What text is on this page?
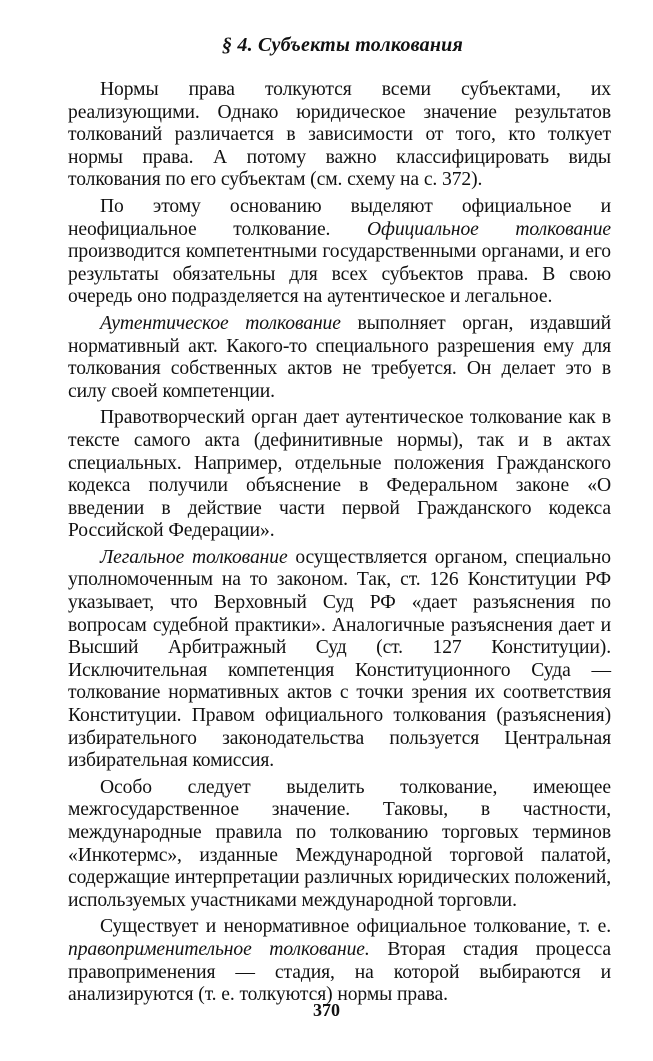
§ 4. Субъекты толкования

Нормы права толкуются всеми субъектами, их реализующими. Однако юридическое значение результатов толкований различается в зависимости от того, кто толкует нормы права. А потому важно классифицировать виды толкования по его субъектам (см. схему на с. 372).

По этому основанию выделяют официальное и неофициальное толкование. Официальное толкование производится компетентными государственными органами, и его результаты обязательны для всех субъектов права. В свою очередь оно подразделяется на аутентическое и легальное.

Аутентическое толкование выполняет орган, издавший нормативный акт. Какого-то специального разрешения ему для толкования собственных актов не требуется. Он делает это в силу своей компетенции.

Правотворческий орган дает аутентическое толкование как в тексте самого акта (дефинитивные нормы), так и в актах специальных. Например, отдельные положения Гражданского кодекса получили объяснение в Федеральном законе «О введении в действие части первой Гражданского кодекса Российской Федерации».

Легальное толкование осуществляется органом, специально уполномоченным на то законом. Так, ст. 126 Конституции РФ указывает, что Верховный Суд РФ «дает разъяснения по вопросам судебной практики». Аналогичные разъяснения дает и Высший Арбитражный Суд (ст. 127 Конституции). Исключительная компетенция Конституционного Суда — толкование нормативных актов с точки зрения их соответствия Конституции. Правом официального толкования (разъяснения) избирательного законодательства пользуется Центральная избирательная комиссия.

Особо следует выделить толкование, имеющее межгосударственное значение. Таковы, в частности, международные правила по толкованию торговых терминов «Инкотермс», изданные Международной торговой палатой, содержащие интерпретации различных юридических положений, используемых участниками международной торговли.

Существует и ненормативное официальное толкование, т. е. правоприменительное толкование. Вторая стадия процесса правоприменения — стадия, на которой выбираются и анализируются (т. е. толкуются) нормы права.

370
